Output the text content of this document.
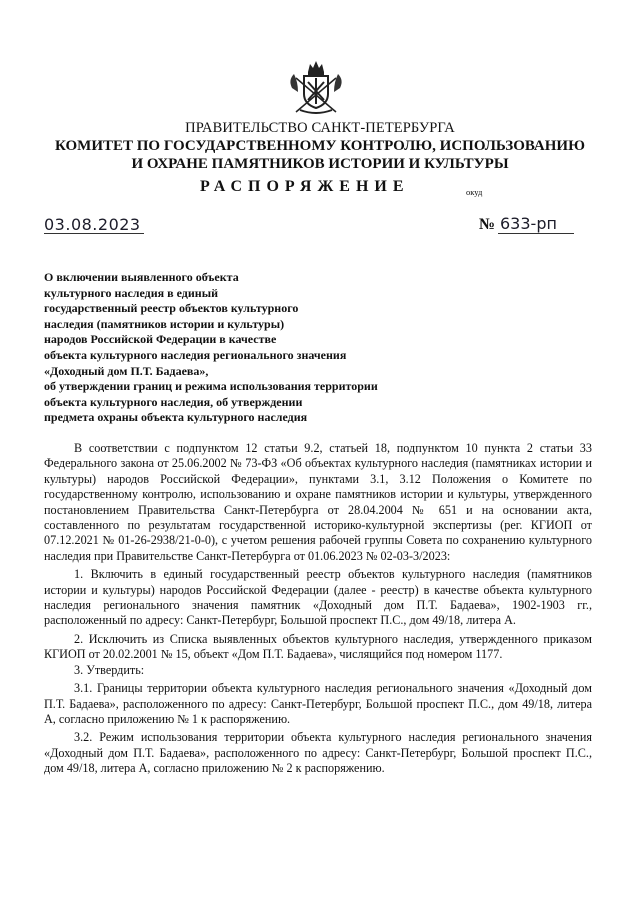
ПРАВИТЕЛЬСТВО САНКТ-ПЕТЕРБУРГА
КОМИТЕТ ПО ГОСУДАРСТВЕННОМУ КОНТРОЛЮ, ИСПОЛЬЗОВАНИЮ
И ОХРАНЕ ПАМЯТНИКОВ ИСТОРИИ И КУЛЬТУРЫ
РАСПОРЯЖЕНИЕ	окуд
03.08.2023	№ 633-рп
О включении выявленного объекта
культурного наследия в единый
государственный реестр объектов культурного
наследия (памятников истории и культуры)
народов Российской Федерации в качестве
объекта культурного наследия регионального значения
«Доходный дом П.Т. Бадаева»,
об утверждении границ и режима использования территории
объекта культурного наследия, об утверждении
предмета охраны объекта культурного наследия

В соответствии с подпунктом 12 статьи 9.2, статьей 18, подпунктом 10 пункта 2 статьи 33 Федерального закона от 25.06.2002 № 73-ФЗ «Об объектах культурного наследия (памятниках истории и культуры) народов Российской Федерации», пунктами 3.1, 3.12 Положения о Комитете по государственному контролю, использованию и охране памятников истории и культуры, утвержденного постановлением Правительства Санкт-Петербурга от 28.04.2004 № 651 и на основании акта, составленного по результатам государственной историко-культурной экспертизы (рег. КГИОП от 07.12.2021 № 01-26-2938/21-0-0), с учетом решения рабочей группы Совета по сохранению культурного наследия при Правительстве Санкт-Петербурга от 01.06.2023 № 02-03-3/2023:

1. Включить в единый государственный реестр объектов культурного наследия (памятников истории и культуры) народов Российской Федерации (далее - реестр) в качестве объекта культурного наследия регионального значения памятник «Доходный дом П.Т. Бадаева», 1902-1903 гг., расположенный по адресу: Санкт-Петербург, Большой проспект П.С., дом 49/18, литера А.

2. Исключить из Списка выявленных объектов культурного наследия, утвержденного приказом КГИОП от 20.02.2001 № 15, объект «Дом П.Т. Бадаева», числящийся под номером 1177.

3. Утвердить:

3.1. Границы территории объекта культурного наследия регионального значения «Доходный дом П.Т. Бадаева», расположенного по адресу: Санкт-Петербург, Большой проспект П.С., дом 49/18, литера А, согласно приложению № 1 к распоряжению.

3.2. Режим использования территории объекта культурного наследия регионального значения «Доходный дом П.Т. Бадаева», расположенного по адресу: Санкт-Петербург, Большой проспект П.С., дом 49/18, литера А, согласно приложению № 2 к распоряжению.
